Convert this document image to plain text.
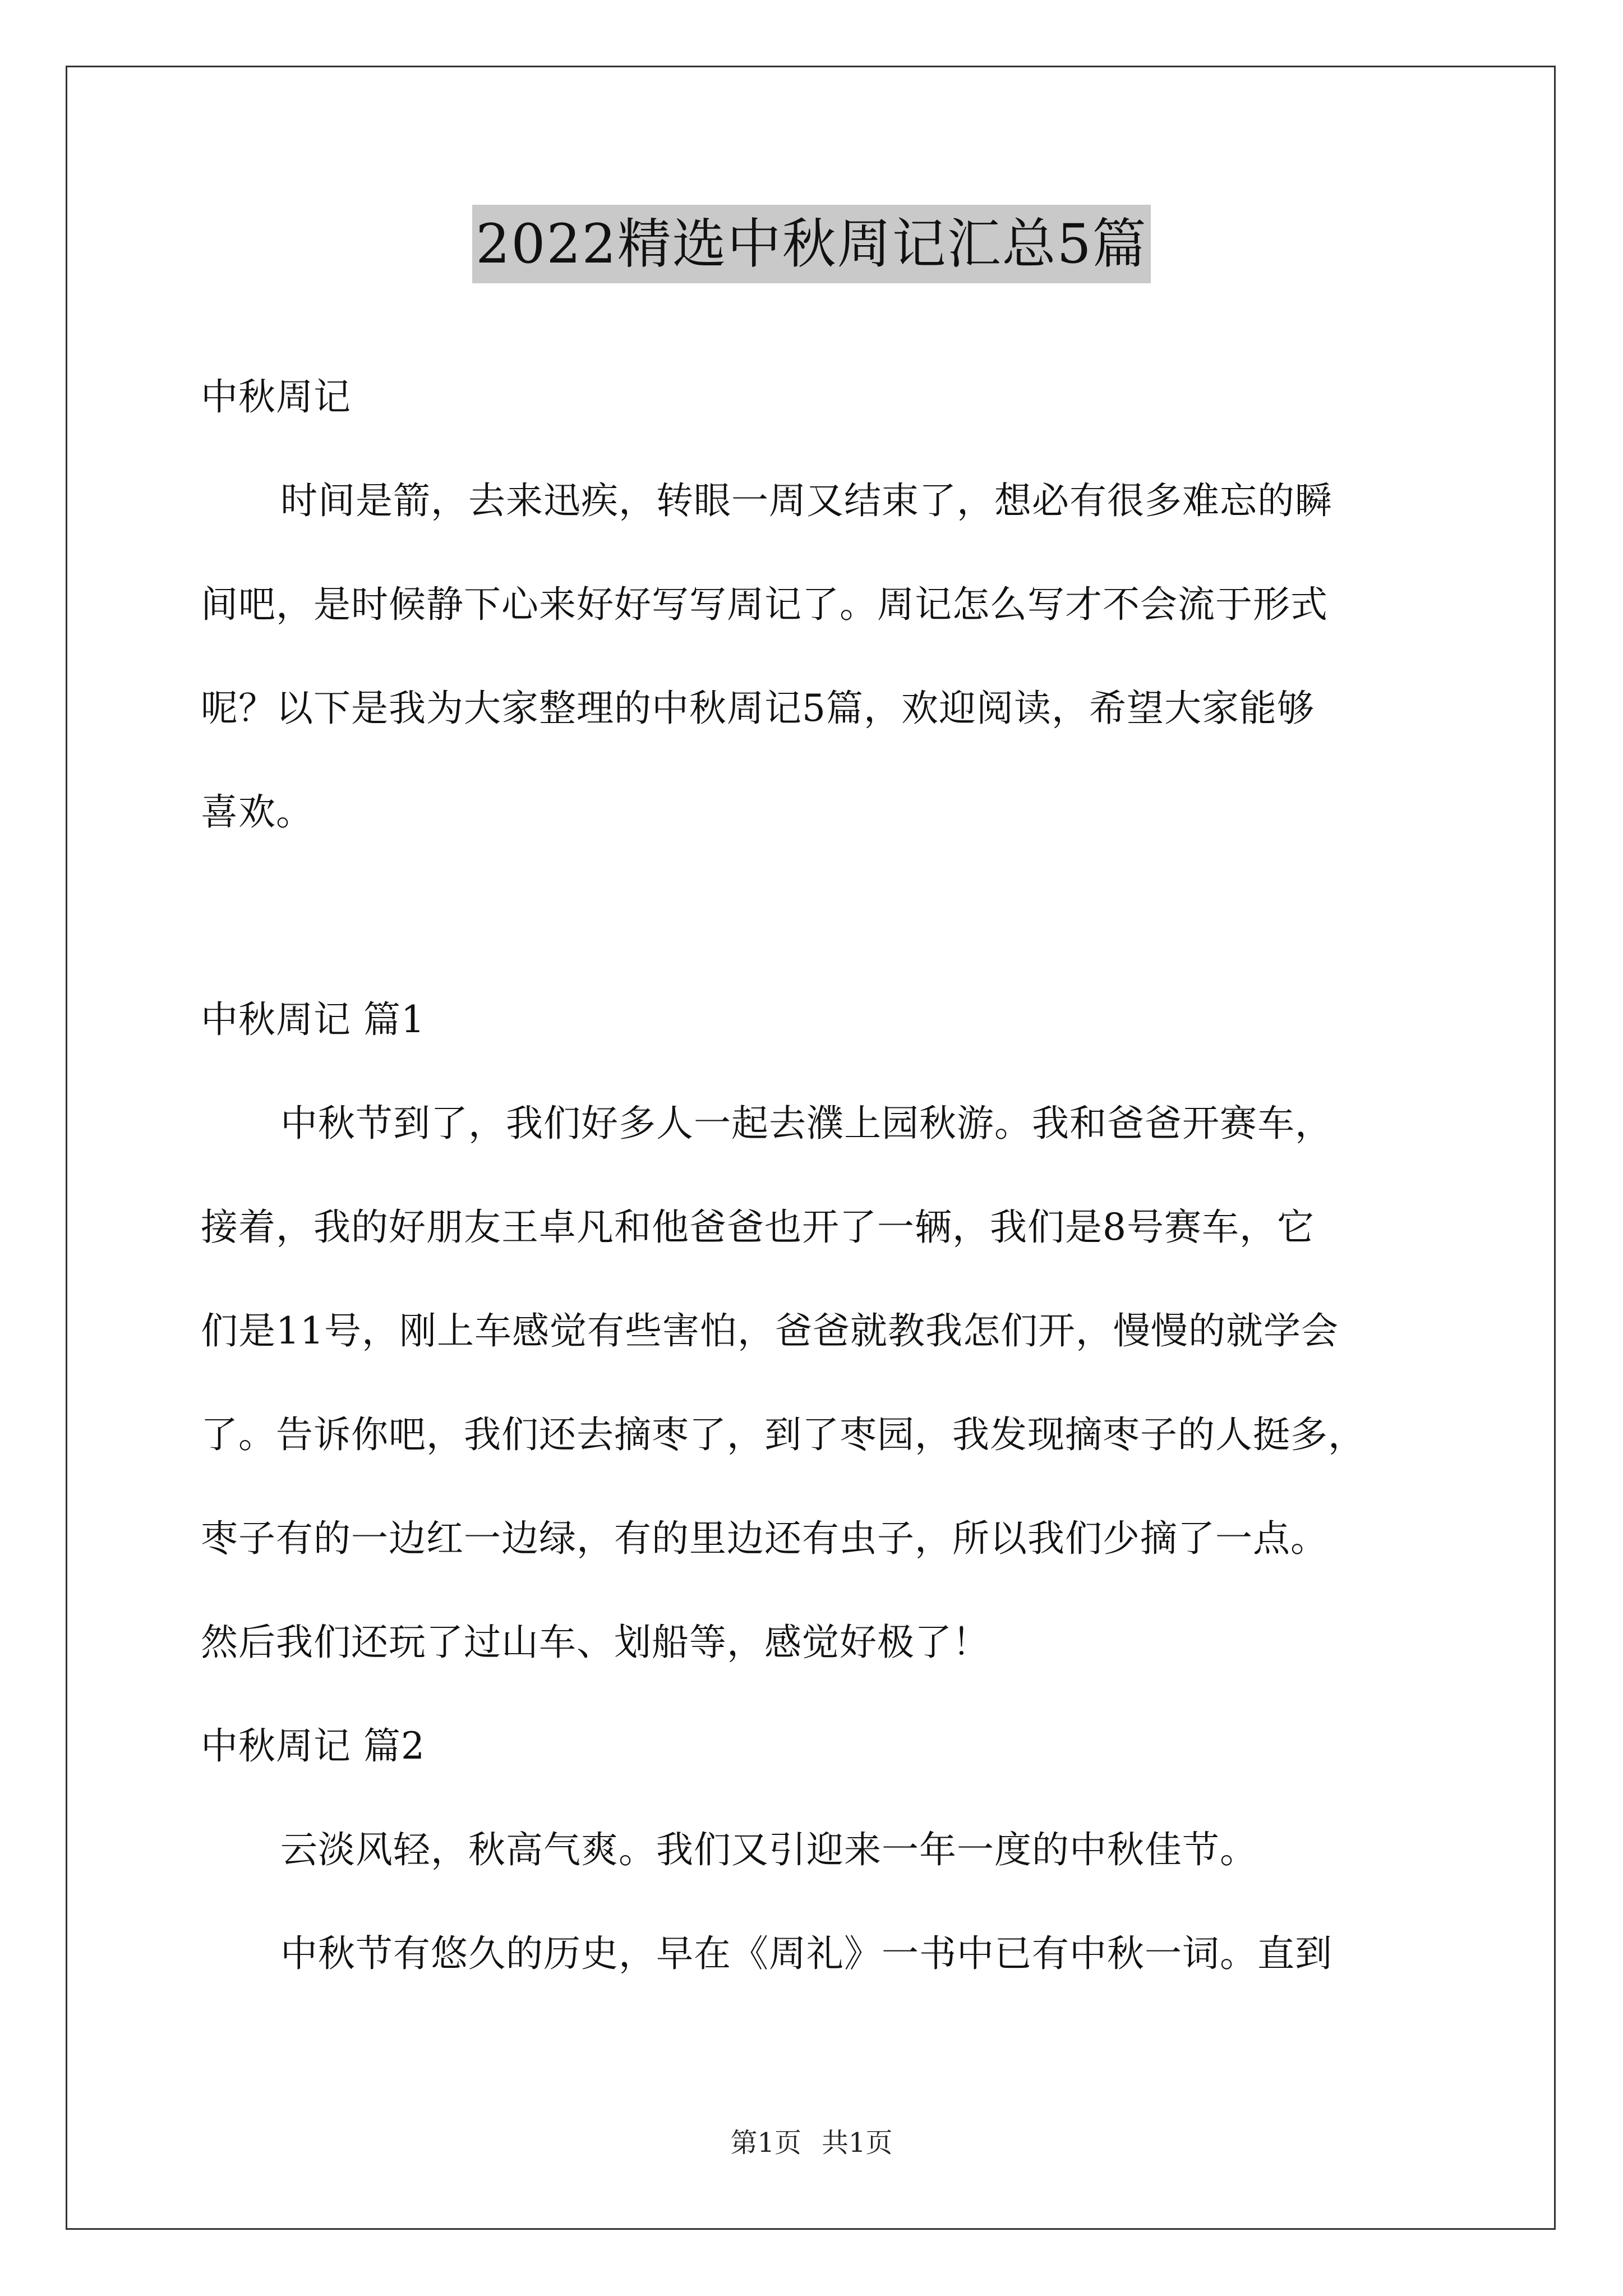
2022精选中秋周记汇总5篇
中秋周记
时间是箭，去来迅疾，转眼一周又结束了，想必有很多难忘的瞬
间吧，是时候静下心来好好写写周记了。周记怎么写才不会流于形式
呢？以下是我为大家整理的中秋周记5篇，欢迎阅读，希望大家能够
喜欢。
中秋周记 篇1
中秋节到了，我们好多人一起去濮上园秋游。我和爸爸开赛车，
接着，我的好朋友王卓凡和他爸爸也开了一辆，我们是8号赛车，它
们是11号，刚上车感觉有些害怕，爸爸就教我怎们开，慢慢的就学会
了。告诉你吧，我们还去摘枣了，到了枣园，我发现摘枣子的人挺多，
枣子有的一边红一边绿，有的里边还有虫子，所以我们少摘了一点。
然后我们还玩了过山车、划船等，感觉好极了！
中秋周记 篇2
云淡风轻，秋高气爽。我们又引迎来一年一度的中秋佳节。
中秋节有悠久的历史，早在《周礼》一书中已有中秋一词。直到
第1页 共1页
